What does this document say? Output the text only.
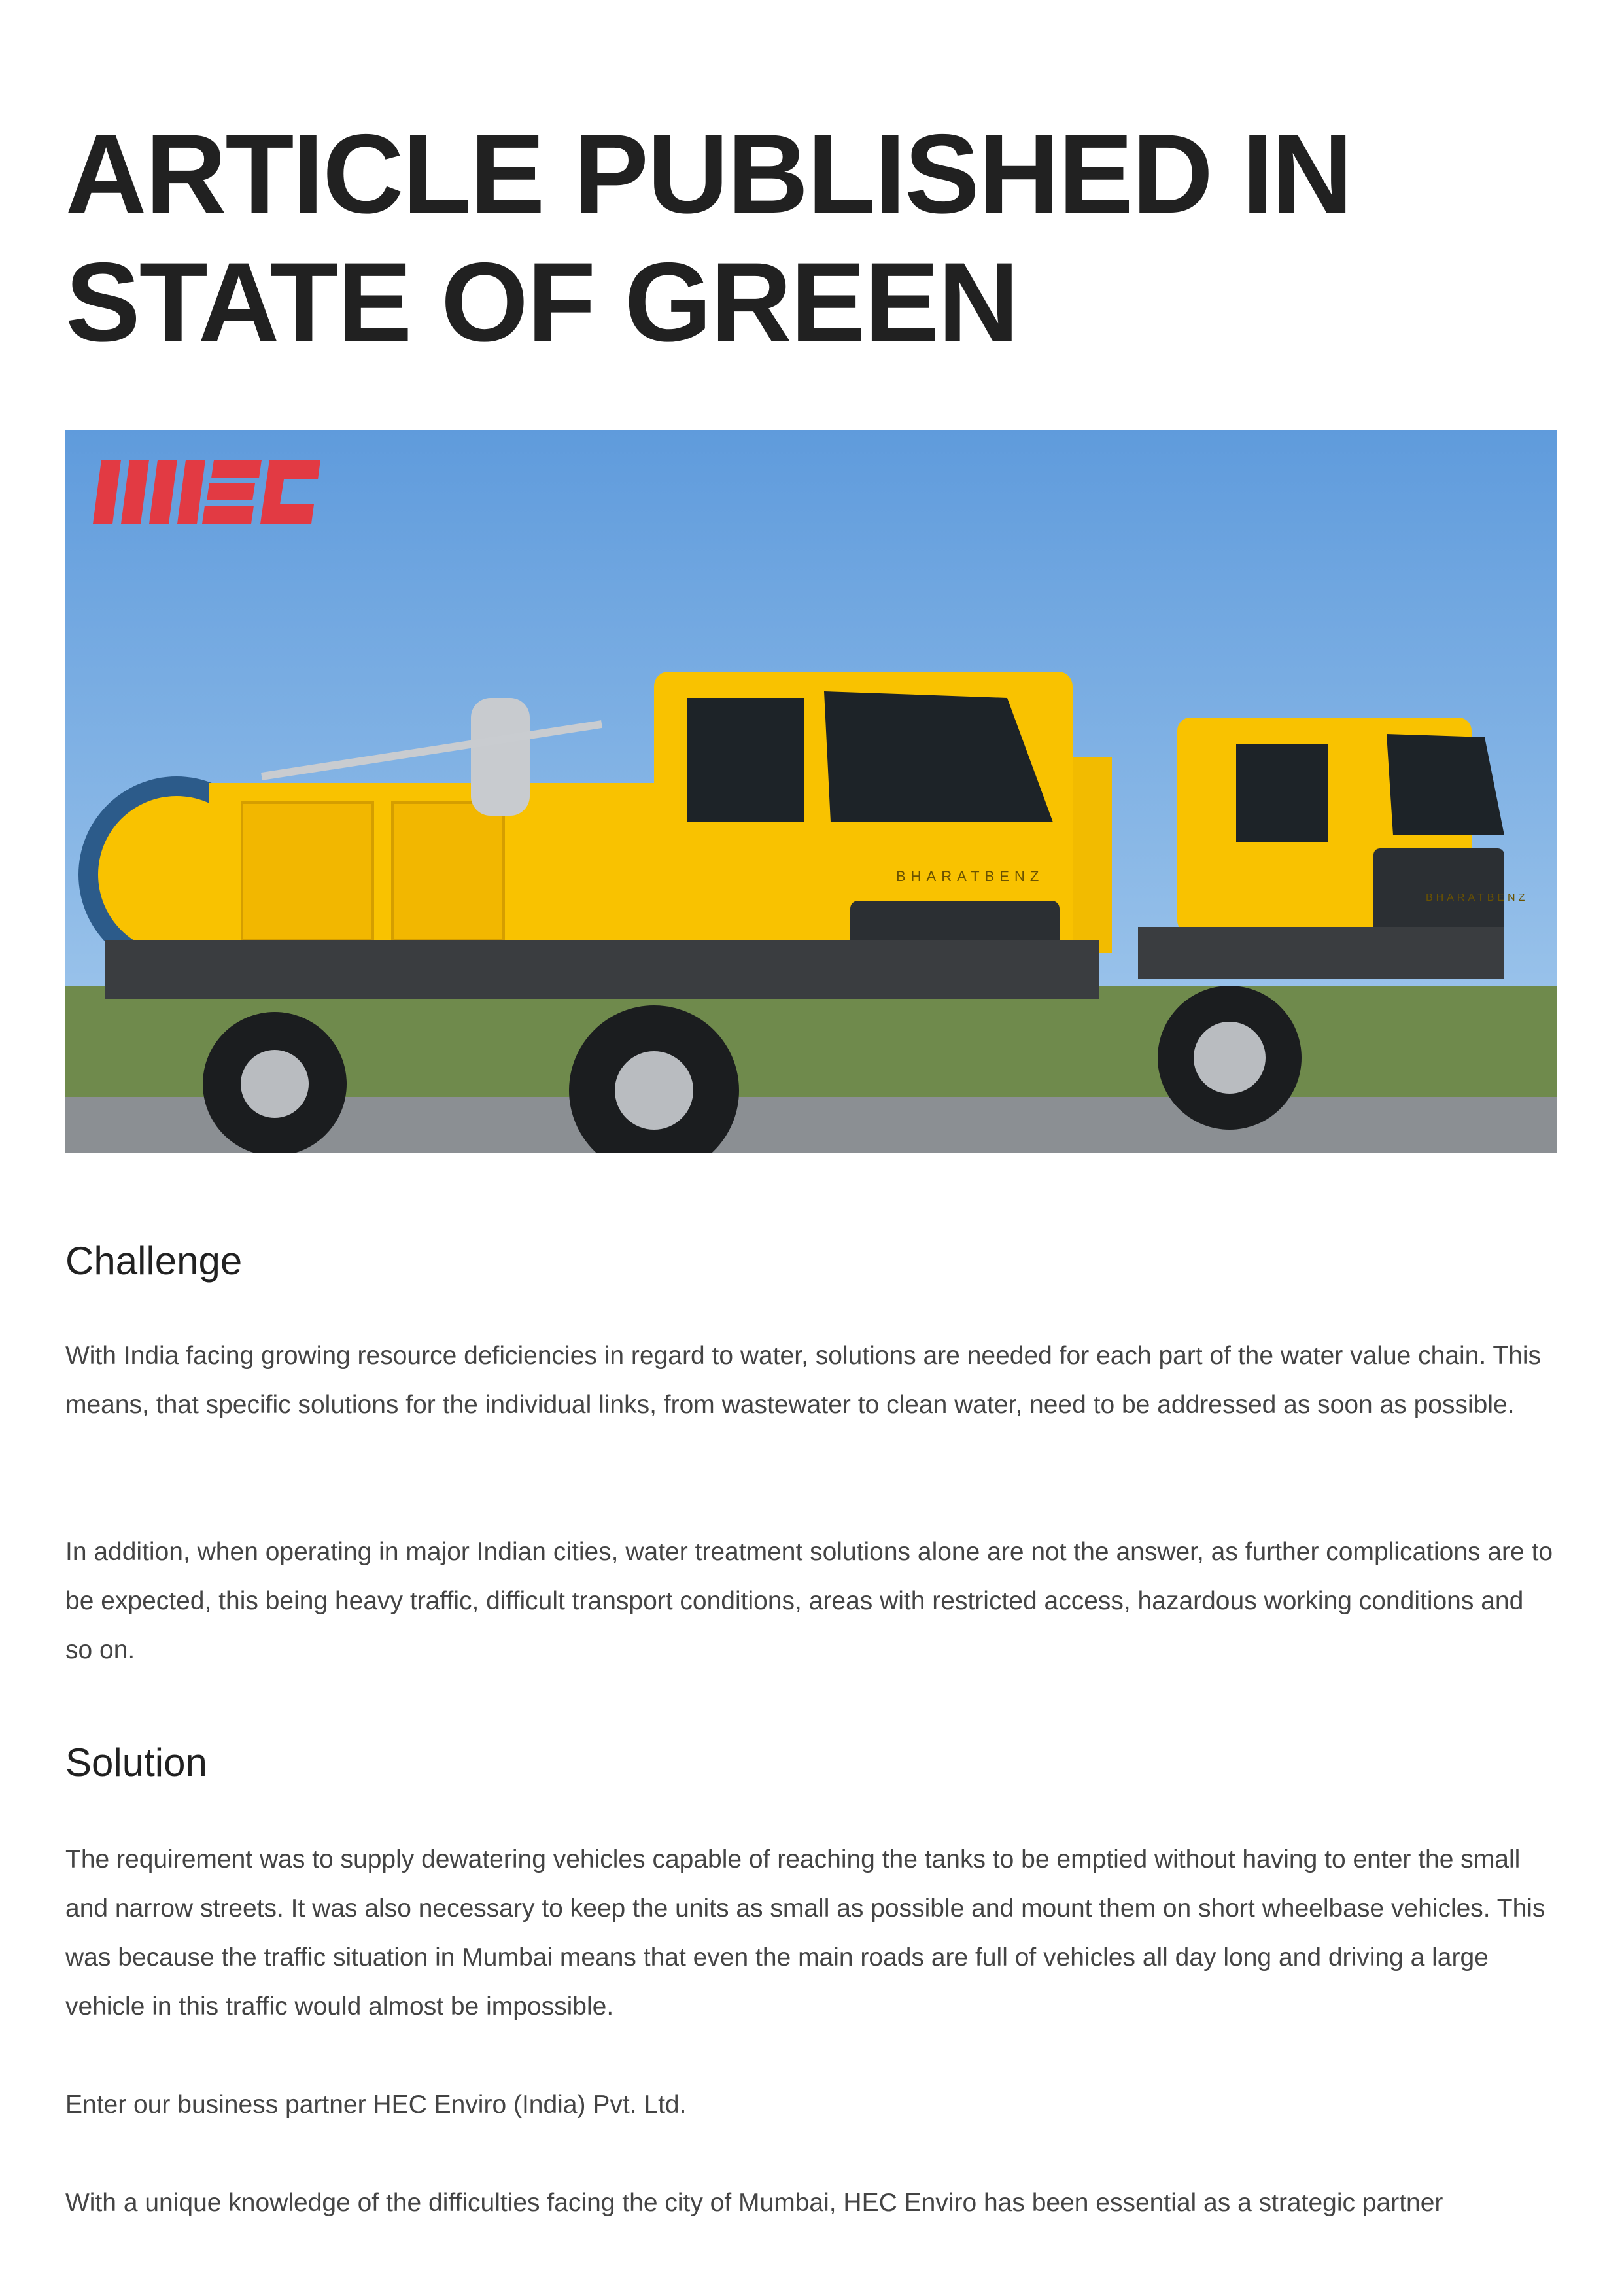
ARTICLE PUBLISHED IN STATE OF GREEN
BHARATBENZ
BHARATBENZ
Challenge

With India facing growing resource deficiencies in regard to water, solutions are needed for each part of the water value chain. This means, that specific solutions for the individual links, from wastewater to clean water, need to be addressed as soon as possible.

In addition, when operating in major Indian cities, water treatment solutions alone are not the answer, as further complications are to be expected, this being heavy traffic, difficult transport conditions, areas with restricted access, hazardous working conditions and so on.

Solution

The requirement was to supply dewatering vehicles capable of reaching the tanks to be emptied without having to enter the small and narrow streets. It was also necessary to keep the units as small as possible and mount them on short wheelbase vehicles. This was because the traffic situation in Mumbai means that even the main roads are full of vehicles all day long and driving a large vehicle in this traffic would almost be impossible.

Enter our business partner HEC Enviro (India) Pvt. Ltd.

With a unique knowledge of the difficulties facing the city of Mumbai, HEC Enviro has been essential as a strategic partner
